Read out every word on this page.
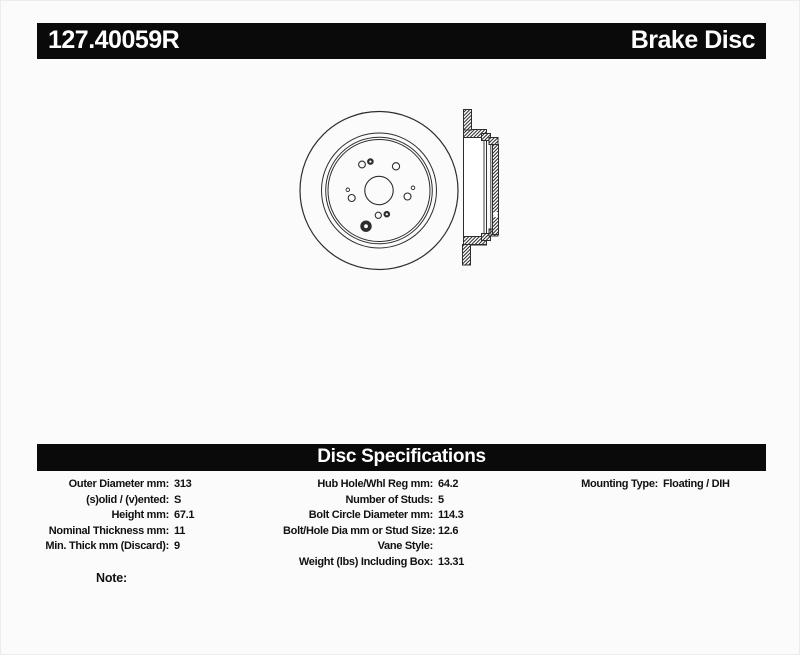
127.40059R	Brake Disc
Disc Specifications
Outer Diameter mm: 313
(s)olid / (v)ented: S
Height mm: 67.1
Nominal Thickness mm: 11
Min. Thick mm (Discard): 9
Hub Hole/Whl Reg mm: 64.2
Number of Studs: 5
Bolt Circle Diameter mm: 114.3
Bolt/Hole Dia mm or Stud Size: 12.6
Vane Style:
Weight (lbs) Including Box: 13.31
Mounting Type: Floating / DIH
Note:
